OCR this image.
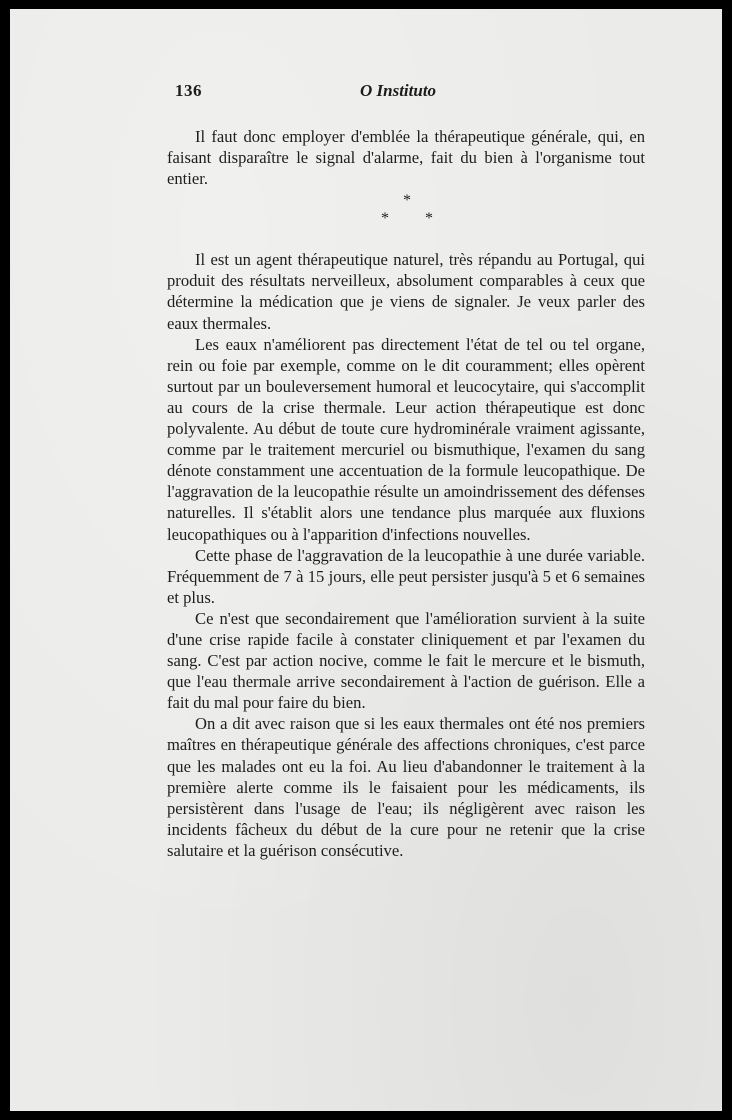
136	O Instituto

Il faut donc employer d'emblée la thérapeutique générale, qui, en faisant disparaître le signal d'alarme, fait du bien à l'organisme tout entier.

*
* *

Il est un agent thérapeutique naturel, très répandu au Portugal, qui produit des résultats nerveilleux, absolument comparables à ceux que détermine la médication que je viens de signaler. Je veux parler des eaux thermales.

Les eaux n'améliorent pas directement l'état de tel ou tel organe, rein ou foie par exemple, comme on le dit couramment; elles opèrent surtout par un bouleversement humoral et leucocytaire, qui s'accomplit au cours de la crise thermale. Leur action thérapeutique est donc polyvalente. Au début de toute cure hydrominérale vraiment agissante, comme par le traitement mercuriel ou bismuthique, l'examen du sang dénote constamment une accentuation de la formule leucopathique. De l'aggravation de la leucopathie résulte un amoindrissement des défenses naturelles. Il s'établit alors une tendance plus marquée aux fluxions leucopathiques ou à l'apparition d'infections nouvelles.

Cette phase de l'aggravation de la leucopathie à une durée variable. Fréquemment de 7 à 15 jours, elle peut persister jusqu'à 5 et 6 semaines et plus.

Ce n'est que secondairement que l'amélioration survient à la suite d'une crise rapide facile à constater cliniquement et par l'examen du sang. C'est par action nocive, comme le fait le mercure et le bismuth, que l'eau thermale arrive secondairement à l'action de guérison. Elle a fait du mal pour faire du bien.

On a dit avec raison que si les eaux thermales ont été nos premiers maîtres en thérapeutique générale des affections chroniques, c'est parce que les malades ont eu la foi. Au lieu d'abandonner le traitement à la première alerte comme ils le faisaient pour les médicaments, ils persistèrent dans l'usage de l'eau; ils négligèrent avec raison les incidents fâcheux du début de la cure pour ne retenir que la crise salutaire et la guérison consécutive.
